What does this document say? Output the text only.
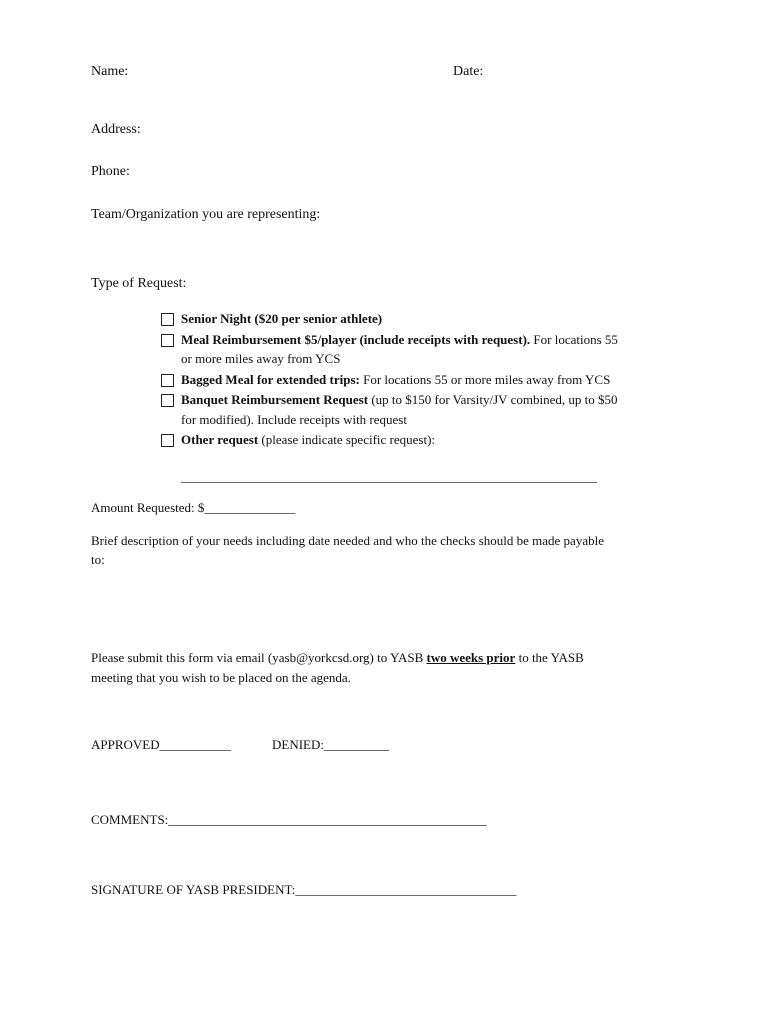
Name:	Date:
Address:
Phone:
Team/Organization you are representing:
Type of Request:
Senior Night ($20 per senior athlete)
Meal Reimbursement $5/player (include receipts with request). For locations 55
or more miles away from YCS
Bagged Meal for extended trips: For locations 55 or more miles away from YCS
Banquet Reimbursement Request (up to $150 for Varsity/JV combined, up to $50
for modified). Include receipts with request
Other request (please indicate specific request):
________________________________________________________________
Amount Requested: $______________
Brief description of your needs including date needed and who the checks should be made payable
to:
Please submit this form via email (yasb@yorkcsd.org) to YASB two weeks prior to the YASB
meeting that you wish to be placed on the agenda.
APPROVED___________	DENIED:__________
COMMENTS:_________________________________________________
SIGNATURE OF YASB PRESIDENT:__________________________________
